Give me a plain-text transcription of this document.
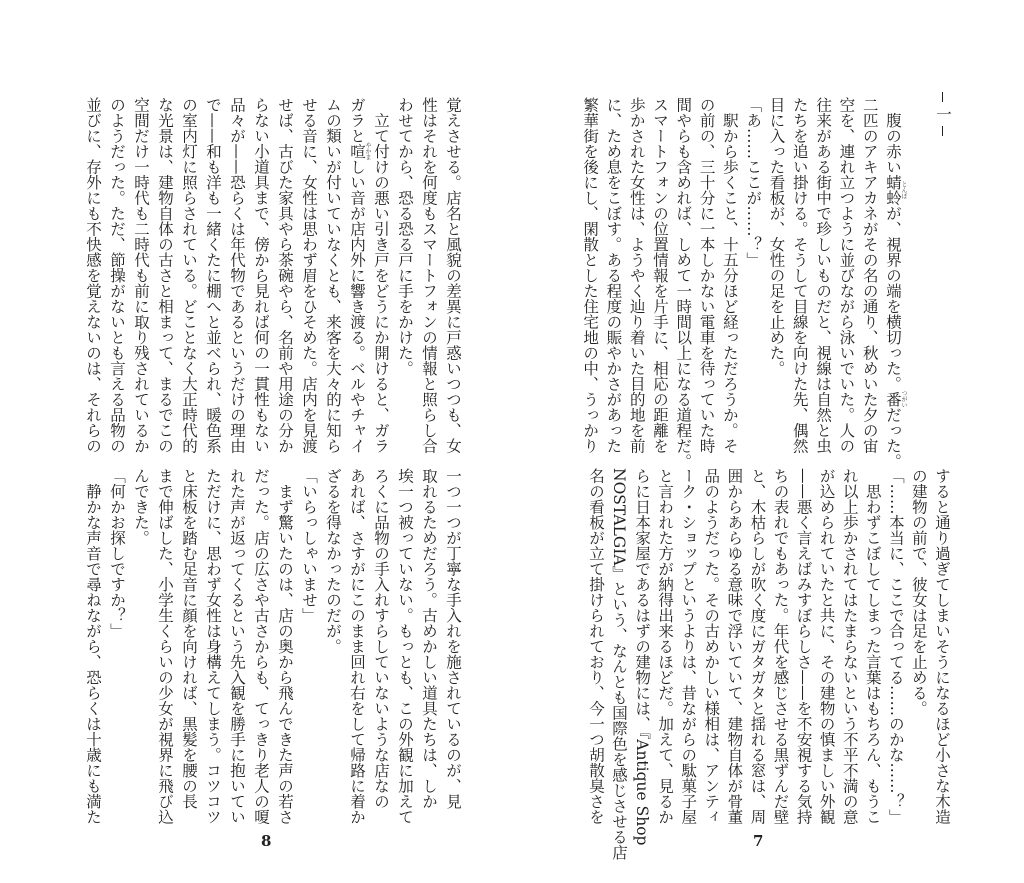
一
　腹の赤い蜻蛉が、視界の端を横切った。番だった。
二匹のアキアカネがその名の通り、秋めいた夕の宙
空を、連れ立つように並びながら泳いでいた。人の
往来がある街中で珍しいものだと、視線は自然と虫
たちを追い掛ける。そうして目線を向けた先、偶然
目に入った看板が、女性の足を止めた。
「あ……ここが……？」
　駅から歩くこと、十五分ほど経っただろうか。そ
の前の、三十分に一本しかない電車を待っていた時
間やらも含めれば、しめて一時間以上になる道程だ。
スマートフォンの位置情報を片手に、相応の距離を
歩かされた女性は、ようやく辿り着いた目的地を前
に、ため息をこぼす。ある程度の賑やかさがあった
繁華街を後にし、閑散とした住宅地の中、うっかり
すると通り過ぎてしまいそうになるほど小さな木造
の建物の前で、彼女は足を止める。
「……本当に、ここで合ってる……のかな……？」
　思わずこぼしてしまった言葉はもちろん、もうこ
れ以上歩かされてはたまらないという不平不満の意
が込められていたと共に、その建物の慎ましい外観
——悪く言えばみすぼらしさ——を不安視する気持
ちの表れでもあった。年代を感じさせる黒ずんだ壁
と、木枯らしが吹く度にガタガタと揺れる窓は、周
囲からあらゆる意味で浮いていて、建物自体が骨董
品のようだった。その古めかしい様相は、アンティ
ーク・ショップというよりは、昔ながらの駄菓子屋
と言われた方が納得出来るほどだ。加えて、見るか
らに日本家屋であるはずの建物には、『Antique Shop
NOSTALGIA』という、なんとも国際色を感じさせる店
名の看板が立て掛けられており、今一つ胡散臭さを
覚えさせる。店名と風貌の差異に戸惑いつつも、女
性はそれを何度もスマートフォンの情報と照らし合
わせてから、恐る恐る戸に手をかけた。
　立て付けの悪い引き戸をどうにか開けると、ガラ
ガラと喧しい音が店内外に響き渡る。ベルやチャイ
ムの類いが付いていなくとも、来客を大々的に知ら
せる音に、女性は思わず眉をひそめた。店内を見渡
せば、古びた家具やら茶碗やら、名前や用途の分か
らない小道具まで、傍から見れば何の一貫性もない
品々が——恐らくは年代物であるというだけの理由
で——和も洋も一緒くたに棚へと並べられ、暖色系
の室内灯に照らされている。どことなく大正時代的
な光景は、建物自体の古さと相まって、まるでこの
空間だけ一時代も二時代も前に取り残されているか
のようだった。ただ、節操がないとも言える品物の
並びに、存外にも不快感を覚えないのは、それらの
一つ一つが丁寧な手入れを施されているのが、見
取れるためだろう。古めかしい道具たちは、しか
埃一つ被っていない。もっとも、この外観に加えて
ろくに品物の手入れすらしていないような店なの
あれば、さすがにこのまま回れ右をして帰路に着か
ざるを得なかったのだが。
「いらっしゃいませ」
　まず驚いたのは、店の奥から飛んできた声の若さ
だった。店の広さや古さからも、てっきり老人の嗄
れた声が返ってくるという先入観を勝手に抱いてい
ただけに、思わず女性は身構えてしまう。コツコツ
と床板を踏む足音に顔を向ければ、黒髪を腰の長
まで伸ばした、小学生くらいの少女が視界に飛び込
んできた。
「何かお探しですか？」
　静かな声音で尋ねながら、恐らくは十歳にも満た
とんぼ
つがい
やかま
8	7
